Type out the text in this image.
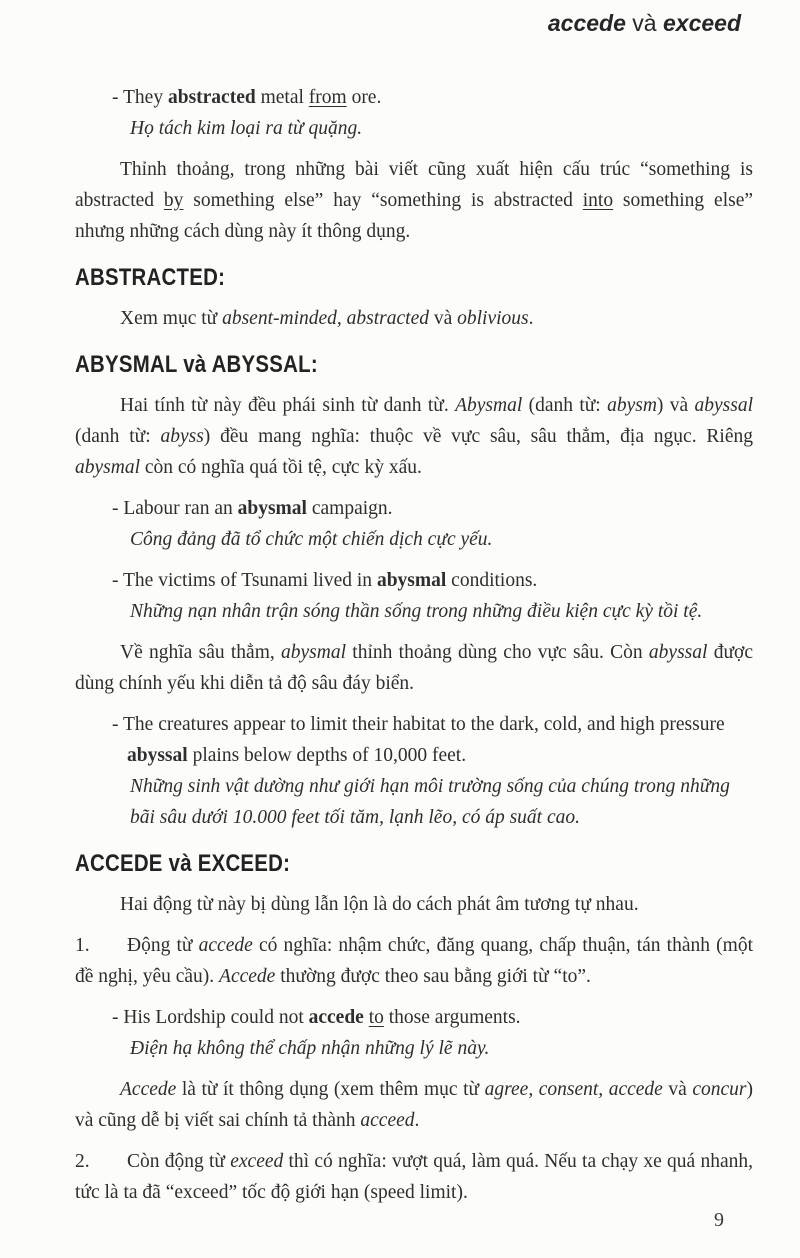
accede và exceed
- They abstracted metal from ore.
Họ tách kim loại ra từ quặng.
Thỉnh thoảng, trong những bài viết cũng xuất hiện cấu trúc “something is abstracted by something else” hay “something is abstracted into something else” nhưng những cách dùng này ít thông dụng.
ABSTRACTED:
Xem mục từ absent-minded, abstracted và oblivious.
ABYSMAL và ABYSSAL:
Hai tính từ này đều phái sinh từ danh từ. Abysmal (danh từ: abysm) và abyssal (danh từ: abyss) đều mang nghĩa: thuộc về vực sâu, sâu thẳm, địa ngục. Riêng abysmal còn có nghĩa quá tồi tệ, cực kỳ xấu.
- Labour ran an abysmal campaign.
Công đảng đã tổ chức một chiến dịch cực yếu.
- The victims of Tsunami lived in abysmal conditions.
Những nạn nhân trận sóng thần sống trong những điều kiện cực kỳ tồi tệ.
Về nghĩa sâu thẳm, abysmal thỉnh thoảng dùng cho vực sâu. Còn abyssal được dùng chính yếu khi diễn tả độ sâu đáy biển.
- The creatures appear to limit their habitat to the dark, cold, and high pressure abyssal plains below depths of 10,000 feet.
Những sinh vật dường như giới hạn môi trường sống của chúng trong những bãi sâu dưới 10.000 feet tối tăm, lạnh lẽo, có áp suất cao.
ACCEDE và EXCEED:
Hai động từ này bị dùng lẫn lộn là do cách phát âm tương tự nhau.
1. Động từ accede có nghĩa: nhậm chức, đăng quang, chấp thuận, tán thành (một đề nghị, yêu cầu). Accede thường được theo sau bằng giới từ “to”.
- His Lordship could not accede to those arguments.
Điện hạ không thể chấp nhận những lý lẽ này.
Accede là từ ít thông dụng (xem thêm mục từ agree, consent, accede và concur) và cũng dễ bị viết sai chính tả thành acceed.
2. Còn động từ exceed thì có nghĩa: vượt quá, làm quá. Nếu ta chạy xe quá nhanh, tức là ta đã “exceed” tốc độ giới hạn (speed limit).
9
